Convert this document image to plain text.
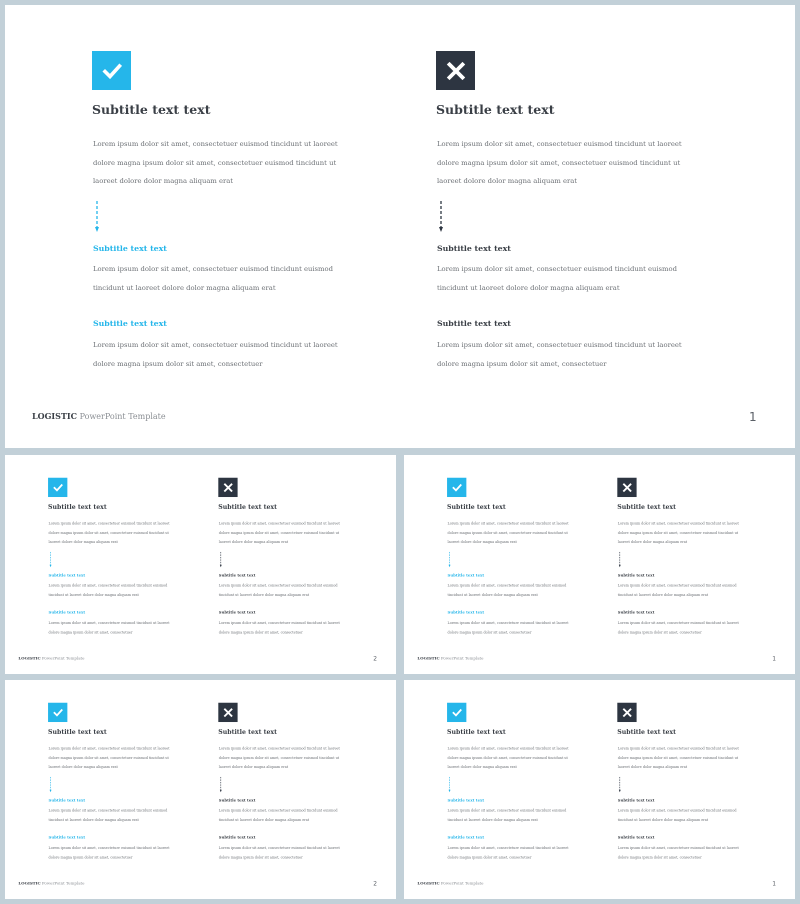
Subtitle text text
Lorem ipsum dolor sit amet, consectetuer euismod tincidunt ut laoreet dolore magna ipsum dolor sit amet, consectetuer euismod tincidunt ut laoreet dolore dolor magna aliquam erat
Subtitle text text
Lorem ipsum dolor sit amet, consectetuer euismod tincidunt euismod tincidunt ut laoreet dolore dolor magna aliquam erat
Subtitle text text
Lorem ipsum dolor sit amet, consectetuer euismod tincidunt ut laoreet dolore magna ipsum dolor sit amet, consectetuer
Subtitle text text
Lorem ipsum dolor sit amet, consectetuer euismod tincidunt ut laoreet dolore magna ipsum dolor sit amet, consectetuer euismod tincidunt ut laoreet dolore dolor magna aliquam erat
Subtitle text text
Lorem ipsum dolor sit amet, consectetuer euismod tincidunt euismod tincidunt ut laoreet dolore dolor magna aliquam erat
Subtitle text text
Lorem ipsum dolor sit amet, consectetuer euismod tincidunt ut laoreet dolore magna ipsum dolor sit amet, consectetuer
LOGISTIC PowerPoint Template	1
Subtitle text text
Lorem ipsum dolor sit amet, consectetuer euismod tincidunt ut laoreet dolore magna ipsum dolor sit amet, consectetuer euismod tincidunt ut laoreet dolore dolor magna aliquam erat
Subtitle text text
Lorem ipsum dolor sit amet, consectetuer euismod tincidunt euismod tincidunt ut laoreet dolore dolor magna aliquam erat
Subtitle text text
Lorem ipsum dolor sit amet, consectetuer euismod tincidunt ut laoreet dolore magna ipsum dolor sit amet, consectetuer
Subtitle text text
Lorem ipsum dolor sit amet, consectetuer euismod tincidunt ut laoreet dolore magna ipsum dolor sit amet, consectetuer euismod tincidunt ut laoreet dolore dolor magna aliquam erat
Subtitle text text
Lorem ipsum dolor sit amet, consectetuer euismod tincidunt euismod tincidunt ut laoreet dolore dolor magna aliquam erat
Subtitle text text
Lorem ipsum dolor sit amet, consectetuer euismod tincidunt ut laoreet dolore magna ipsum dolor sit amet, consectetuer
LOGISTIC PowerPoint Template	2
Subtitle text text
Lorem ipsum dolor sit amet, consectetuer euismod tincidunt ut laoreet dolore magna ipsum dolor sit amet, consectetuer euismod tincidunt ut laoreet dolore dolor magna aliquam erat
Subtitle text text
Lorem ipsum dolor sit amet, consectetuer euismod tincidunt euismod tincidunt ut laoreet dolore dolor magna aliquam erat
Subtitle text text
Lorem ipsum dolor sit amet, consectetuer euismod tincidunt ut laoreet dolore magna ipsum dolor sit amet, consectetuer
Subtitle text text
Lorem ipsum dolor sit amet, consectetuer euismod tincidunt ut laoreet dolore magna ipsum dolor sit amet, consectetuer euismod tincidunt ut laoreet dolore dolor magna aliquam erat
Subtitle text text
Lorem ipsum dolor sit amet, consectetuer euismod tincidunt euismod tincidunt ut laoreet dolore dolor magna aliquam erat
Subtitle text text
Lorem ipsum dolor sit amet, consectetuer euismod tincidunt ut laoreet dolore magna ipsum dolor sit amet, consectetuer
LOGISTIC PowerPoint Template	1
Subtitle text text
Lorem ipsum dolor sit amet, consectetuer euismod tincidunt ut laoreet dolore magna ipsum dolor sit amet, consectetuer euismod tincidunt ut laoreet dolore dolor magna aliquam erat
Subtitle text text
Lorem ipsum dolor sit amet, consectetuer euismod tincidunt euismod tincidunt ut laoreet dolore dolor magna aliquam erat
Subtitle text text
Lorem ipsum dolor sit amet, consectetuer euismod tincidunt ut laoreet dolore magna ipsum dolor sit amet, consectetuer
Subtitle text text
Lorem ipsum dolor sit amet, consectetuer euismod tincidunt ut laoreet dolore magna ipsum dolor sit amet, consectetuer euismod tincidunt ut laoreet dolore dolor magna aliquam erat
Subtitle text text
Lorem ipsum dolor sit amet, consectetuer euismod tincidunt euismod tincidunt ut laoreet dolore dolor magna aliquam erat
Subtitle text text
Lorem ipsum dolor sit amet, consectetuer euismod tincidunt ut laoreet dolore magna ipsum dolor sit amet, consectetuer
LOGISTIC PowerPoint Template	2
Subtitle text text
Lorem ipsum dolor sit amet, consectetuer euismod tincidunt ut laoreet dolore magna ipsum dolor sit amet, consectetuer euismod tincidunt ut laoreet dolore dolor magna aliquam erat
Subtitle text text
Lorem ipsum dolor sit amet, consectetuer euismod tincidunt euismod tincidunt ut laoreet dolore dolor magna aliquam erat
Subtitle text text
Lorem ipsum dolor sit amet, consectetuer euismod tincidunt ut laoreet dolore magna ipsum dolor sit amet, consectetuer
Subtitle text text
Lorem ipsum dolor sit amet, consectetuer euismod tincidunt ut laoreet dolore magna ipsum dolor sit amet, consectetuer euismod tincidunt ut laoreet dolore dolor magna aliquam erat
Subtitle text text
Lorem ipsum dolor sit amet, consectetuer euismod tincidunt euismod tincidunt ut laoreet dolore dolor magna aliquam erat
Subtitle text text
Lorem ipsum dolor sit amet, consectetuer euismod tincidunt ut laoreet dolore magna ipsum dolor sit amet, consectetuer
LOGISTIC PowerPoint Template	1
